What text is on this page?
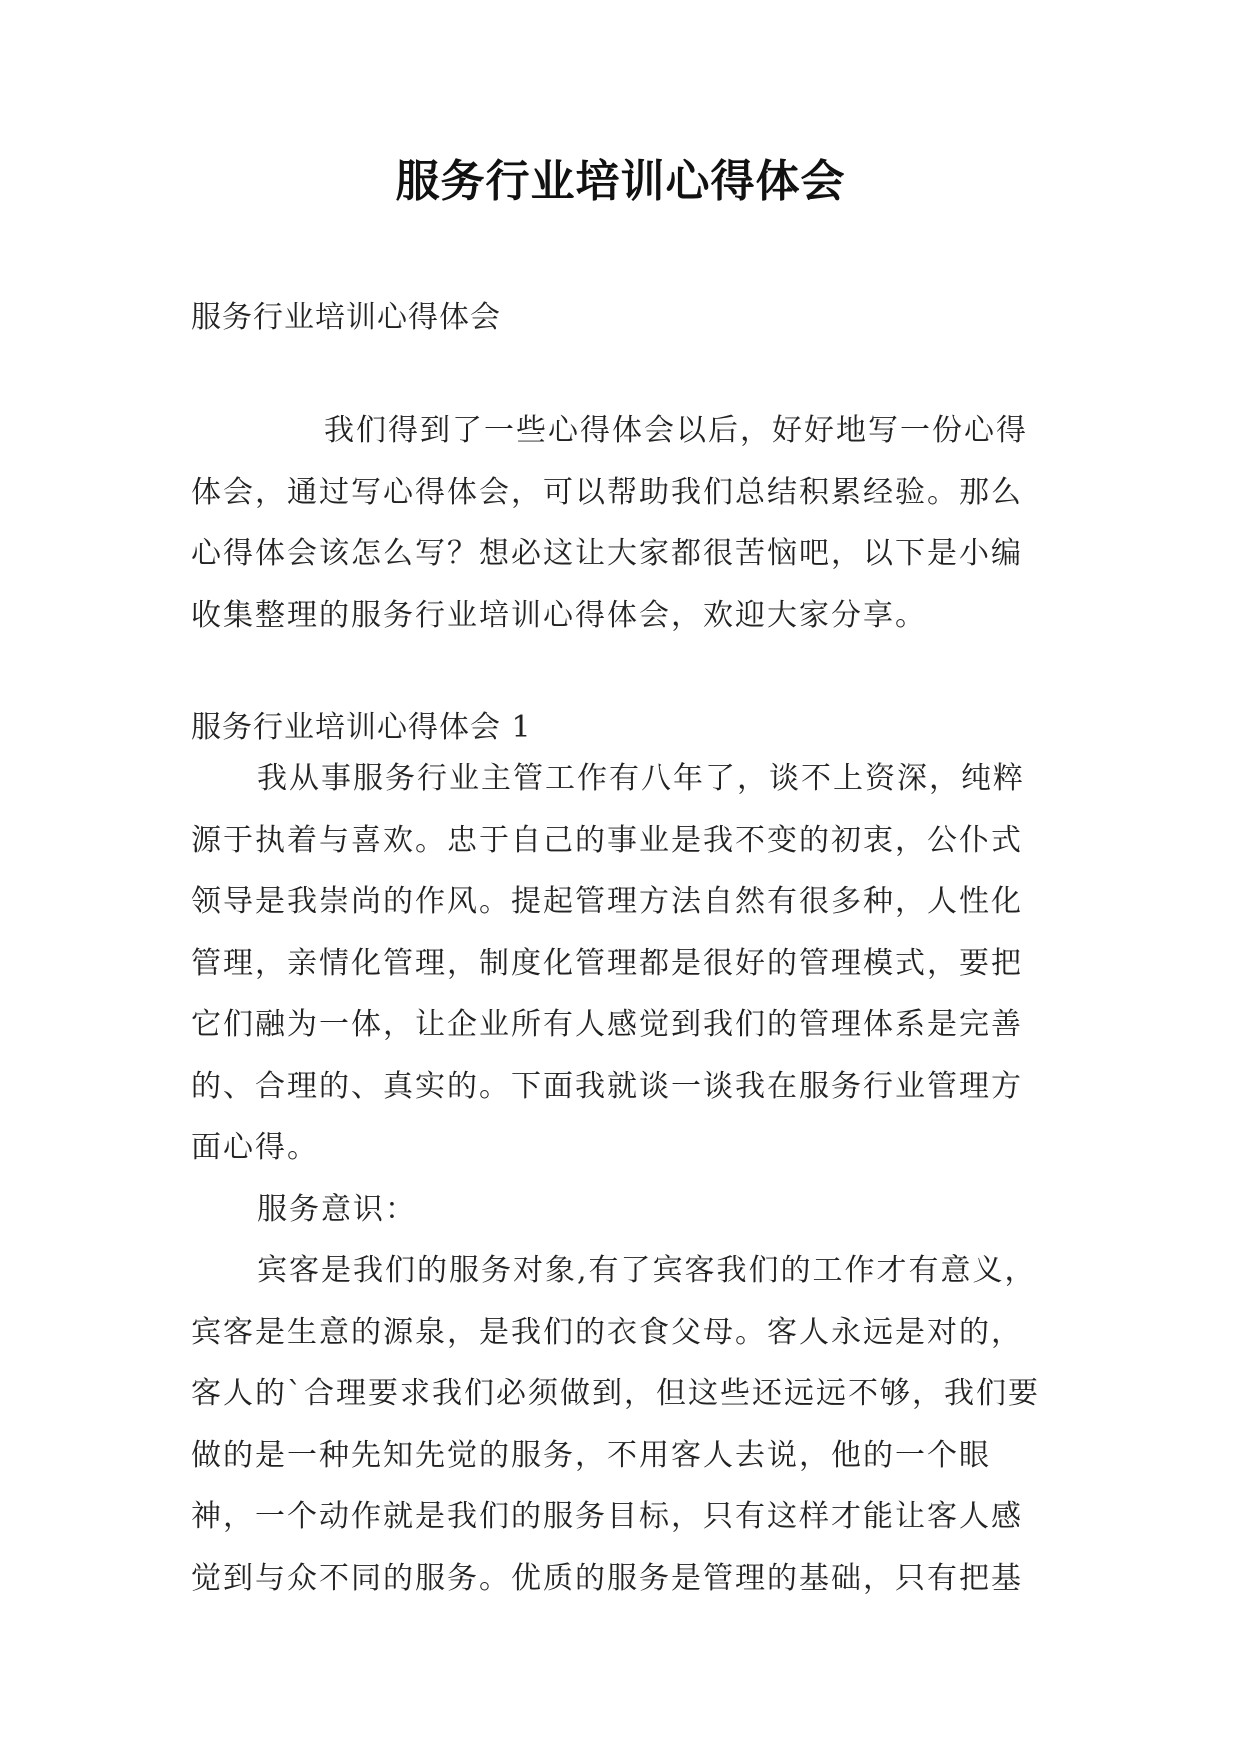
服务行业培训心得体会

服务行业培训心得体会

我们得到了一些心得体会以后，好好地写一份心得体会，通过写心得体会，可以帮助我们总结积累经验。那么心得体会该怎么写？想必这让大家都很苦恼吧，以下是小编收集整理的服务行业培训心得体会，欢迎大家分享。

服务行业培训心得体会 1

我从事服务行业主管工作有八年了，谈不上资深，纯粹源于执着与喜欢。忠于自己的事业是我不变的初衷，公仆式领导是我崇尚的作风。提起管理方法自然有很多种，人性化管理，亲情化管理，制度化管理都是很好的管理模式，要把它们融为一体，让企业所有人感觉到我们的管理体系是完善的、合理的、真实的。下面我就谈一谈我在服务行业管理方面心得。

服务意识：

宾客是我们的服务对象,有了宾客我们的工作才有意义，宾客是生意的源泉，是我们的衣食父母。客人永远是对的，客人的`合理要求我们必须做到，但这些还远远不够，我们要做的是一种先知先觉的服务，不用客人去说，他的一个眼神，一个动作就是我们的服务目标，只有这样才能让客人感觉到与众不同的服务。优质的服务是管理的基础，只有把基
